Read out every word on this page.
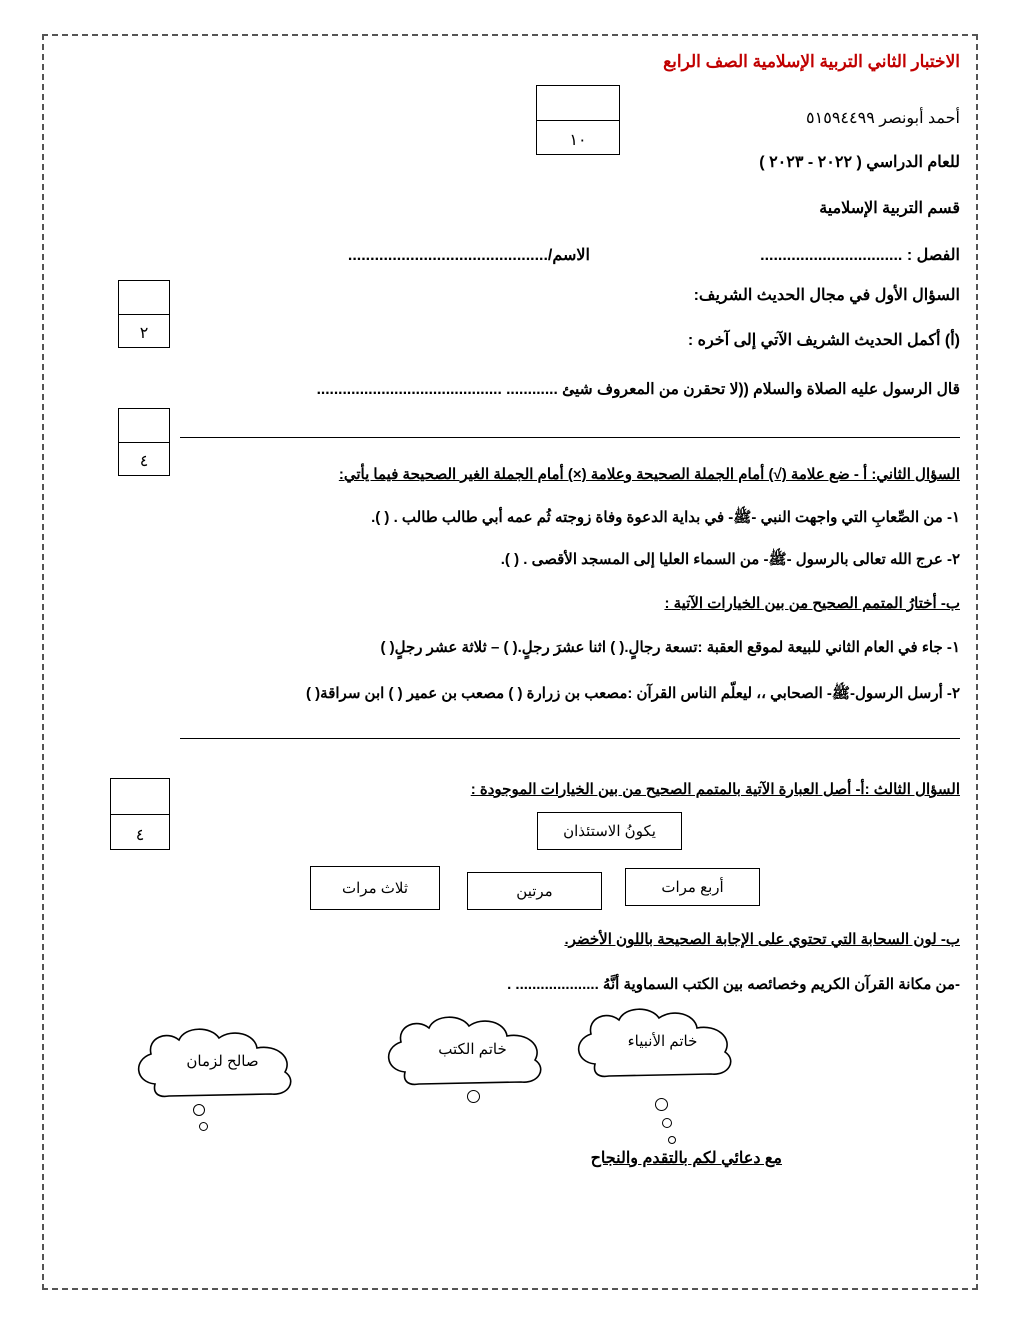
الاختبار الثاني التربية الإسلامية الصف الرابع
أحمد أبونصر ٥١٥٩٤٤٩٩
للعام الدراسي ( ٢٠٢٢ - ٢٠٢٣ )
قسم التربية الإسلامية
١٠
الفصل : ................................
الاسم/.............................................
٢
السؤال الأول في مجال الحديث الشريف:
(أ) أكمل الحديث الشريف الآتي إلى آخره :
قال الرسول عليه الصلاة والسلام ((لا تحقرن من المعروف شيئ ............ ...........................................
٤
السؤال الثاني: أ - ضع علامة (√) أمام الجملة الصحيحة وعلامة (×) أمام الجملة الغير الصحيحة فيما يأتي:
١- من الصِّعابِ التي واجهت النبي -ﷺ- في بداية الدعوة وفاة زوجته ثُم عمه أبي طالب طالب . ( ).
٢- عرج الله تعالى بالرسول -ﷺ- من السماء العليا إلى المسجد الأقصى . ( ).
ب- أختارُ المتمم الصحيح من بين الخيارات الآتية :
١- جاء في العام الثاني للبيعة لموقع العقبة :تسعة رجالٍ.( ) اثنا عشرَ رجلٍ.( ) – ثلاثة عشر رجلٍ( )
٢- أرسل الرسول-ﷺ- الصحابي ،، ليعلّم الناس القرآن :مصعب بن زرارة ( ) مصعب بن عمير ( ) ابن سراقة( )
٤
السؤال الثالث :أ- أصل العبارة الآتية بالمتمم الصحيح من بين الخيارات الموجودة :
يكونُ الاستئذان
أربع مرات
مرتين
ثلاث مرات
ب- لون السحابة التي تحتوي على الإجابة الصحيحة باللون الأخضر.
-من مكانة القرآن الكريم وخصائصه بين الكتب السماوية أنَّهُ .................... .
خاتم الأنبياء
خاتم الكتب
صالح لزمان
مع دعائي لكم بالتقدم والنجاح
